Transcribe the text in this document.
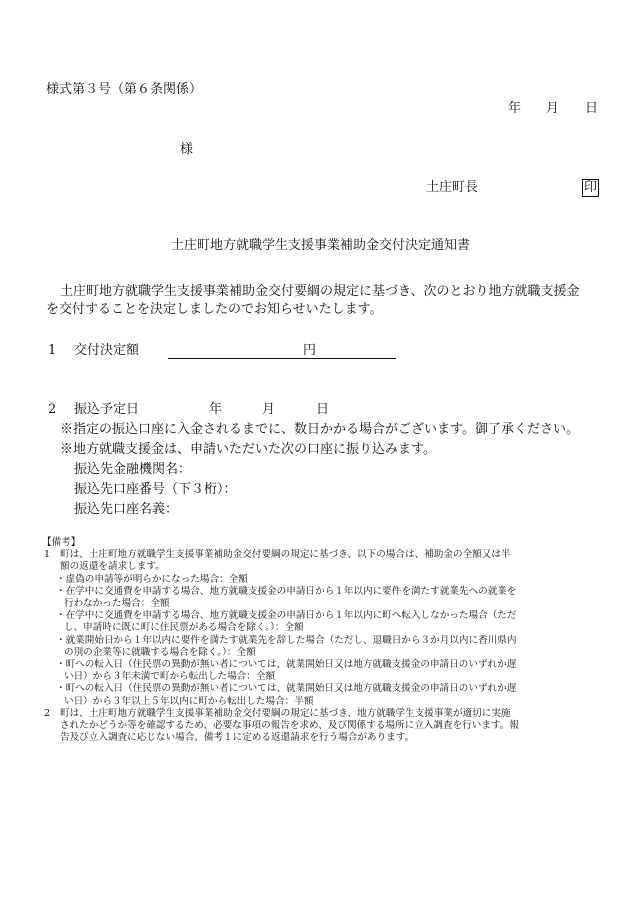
様式第３号（第６条関係）
年 月 日
様
土庄町長	印
土庄町地方就職学生支援事業補助金交付決定通知書
土庄町地方就職学生支援事業補助金交付要綱の規定に基づき、次のとおり地方就職支援金
を交付することを決定しましたのでお知らせいたします。
1 交付決定額
　　　　　　　　　　	円
2 振込予定日	年	月	日
※指定の振込口座に入金されるまでに、数日かかる場合がございます。御了承ください。
※地方就職支援金は、申請いただいた次の口座に振り込みます。
振込先金融機関名：
振込先口座番号（下３桁）：
振込先口座名義：
【備考】
1 町は、土庄町地方就職学生支援事業補助金交付要綱の規定に基づき、以下の場合は、補助金の全額又は半
額の返還を請求します。
・虚偽の申請等が明らかになった場合：全額
・在学中に交通費を申請する場合、地方就職支援金の申請日から１年以内に要件を満たす就業先への就業を
行わなかった場合：全額
・在学中に交通費を申請する場合、地方就職支援金の申請日から１年以内に町へ転入しなかった場合（ただ
し、申請時に既に町に住民票がある場合を除く。）：全額
・就業開始日から１年以内に要件を満たす就業先を辞した場合（ただし、退職日から３か月以内に香川県内
の別の企業等に就職する場合を除く。）：全額
・町への転入日（住民票の異動が無い者については、就業開始日又は地方就職支援金の申請日のいずれか遅
い日）から３年未満で町から転出した場合：全額
・町への転入日（住民票の異動が無い者については、就業開始日又は地方就職支援金の申請日のいずれか遅
い日）から３年以上５年以内に町から転出した場合：半額
2 町は、土庄町地方就職学生支援事業補助金交付要綱の規定に基づき、地方就職学生支援事業が適切に実施
されたかどうか等を確認するため、必要な事項の報告を求め、及び関係する場所に立入調査を行います。報
告及び立入調査に応じない場合、備考１に定める返還請求を行う場合があります。
